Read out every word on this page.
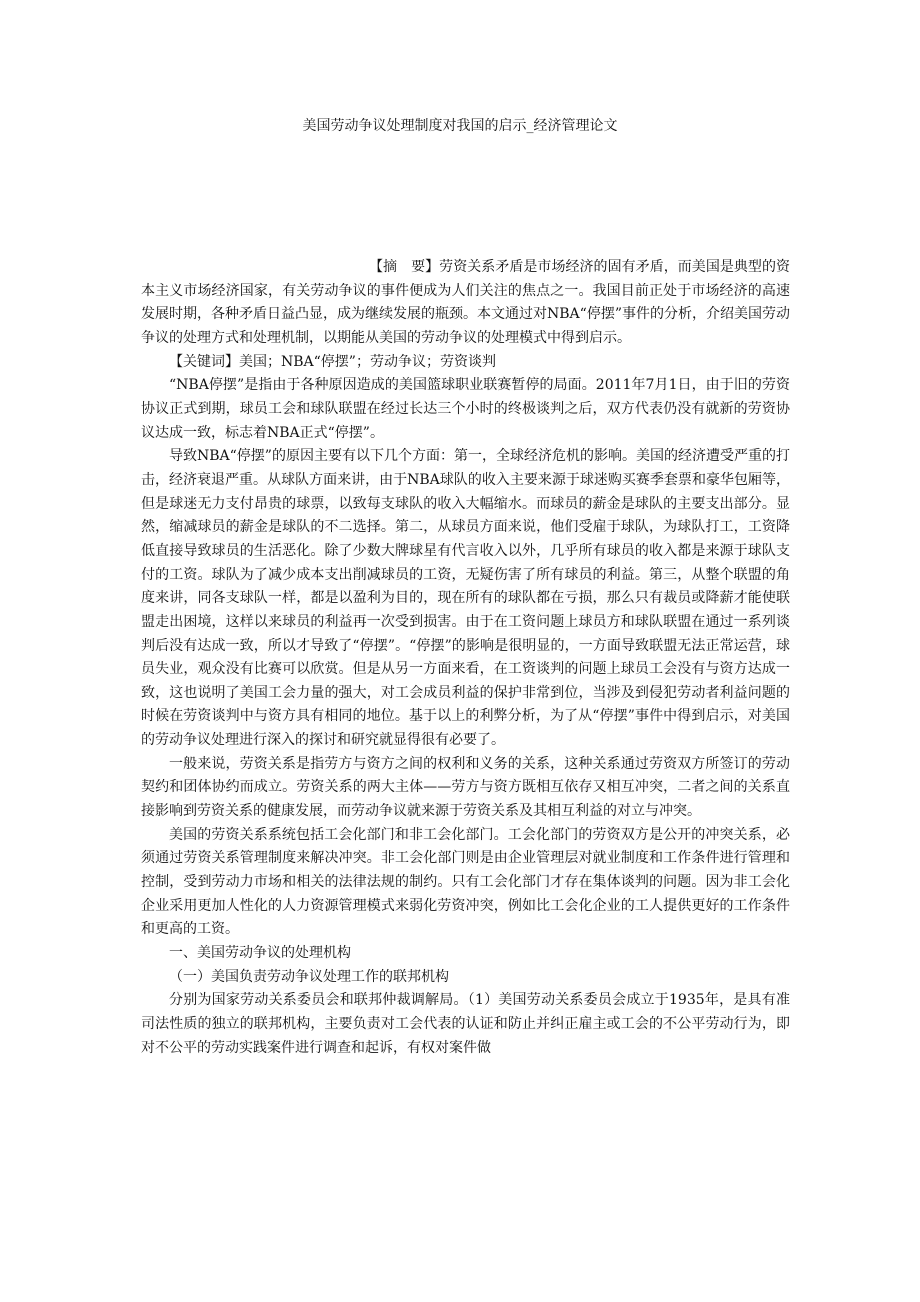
美国劳动争议处理制度对我国的启示_经济管理论文

【摘　要】劳资关系矛盾是市场经济的固有矛盾，而美国是典型的资本主义市场经济国家，有关劳动争议的事件便成为人们关注的焦点之一。我国目前正处于市场经济的高速发展时期，各种矛盾日益凸显，成为继续发展的瓶颈。本文通过对NBA“停摆”事件的分析，介绍美国劳动争议的处理方式和处理机制，以期能从美国的劳动争议的处理模式中得到启示。

【关键词】美国；NBA“停摆”；劳动争议；劳资谈判

“NBA停摆”是指由于各种原因造成的美国篮球职业联赛暂停的局面。2011年7月1日，由于旧的劳资协议正式到期，球员工会和球队联盟在经过长达三个小时的终极谈判之后，双方代表仍没有就新的劳资协议达成一致，标志着NBA正式“停摆”。

导致NBA“停摆”的原因主要有以下几个方面：第一，全球经济危机的影响。美国的经济遭受严重的打击，经济衰退严重。从球队方面来讲，由于NBA球队的收入主要来源于球迷购买赛季套票和豪华包厢等，但是球迷无力支付昂贵的球票，以致每支球队的收入大幅缩水。而球员的薪金是球队的主要支出部分。显然，缩减球员的薪金是球队的不二选择。第二，从球员方面来说，他们受雇于球队，为球队打工，工资降低直接导致球员的生活恶化。除了少数大牌球星有代言收入以外，几乎所有球员的收入都是来源于球队支付的工资。球队为了减少成本支出削减球员的工资，无疑伤害了所有球员的利益。第三，从整个联盟的角度来讲，同各支球队一样，都是以盈利为目的，现在所有的球队都在亏损，那么只有裁员或降薪才能使联盟走出困境，这样以来球员的利益再一次受到损害。由于在工资问题上球员方和球队联盟在通过一系列谈判后没有达成一致，所以才导致了“停摆”。“停摆”的影响是很明显的，一方面导致联盟无法正常运营，球员失业，观众没有比赛可以欣赏。但是从另一方面来看，在工资谈判的问题上球员工会没有与资方达成一致，这也说明了美国工会力量的强大，对工会成员利益的保护非常到位，当涉及到侵犯劳动者利益问题的时候在劳资谈判中与资方具有相同的地位。基于以上的利弊分析，为了从“停摆”事件中得到启示，对美国的劳动争议处理进行深入的探讨和研究就显得很有必要了。

一般来说，劳资关系是指劳方与资方之间的权利和义务的关系，这种关系通过劳资双方所签订的劳动契约和团体协约而成立。劳资关系的两大主体——劳方与资方既相互依存又相互冲突，二者之间的关系直接影响到劳资关系的健康发展，而劳动争议就来源于劳资关系及其相互利益的对立与冲突。

美国的劳资关系系统包括工会化部门和非工会化部门。工会化部门的劳资双方是公开的冲突关系，必须通过劳资关系管理制度来解决冲突。非工会化部门则是由企业管理层对就业制度和工作条件进行管理和控制，受到劳动力市场和相关的法律法规的制约。只有工会化部门才存在集体谈判的问题。因为非工会化企业采用更加人性化的人力资源管理模式来弱化劳资冲突，例如比工会化企业的工人提供更好的工作条件和更高的工资。

一、美国劳动争议的处理机构

（一）美国负责劳动争议处理工作的联邦机构

分别为国家劳动关系委员会和联邦仲裁调解局。（1）美国劳动关系委员会成立于1935年，是具有准司法性质的独立的联邦机构，主要负责对工会代表的认证和防止并纠正雇主或工会的不公平劳动行为，即对不公平的劳动实践案件进行调查和起诉，有权对案件做
